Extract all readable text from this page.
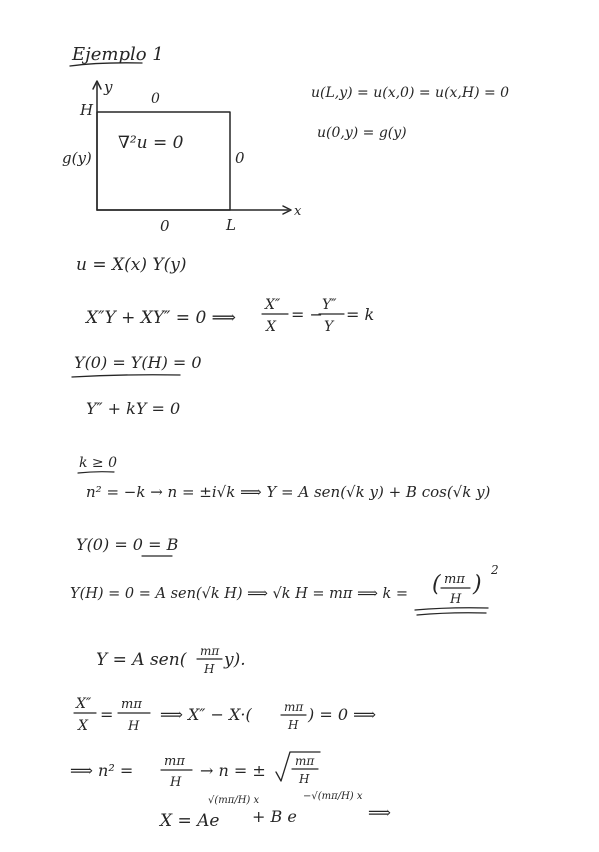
Ejemplo 1
y
x
H
L
g(y)
0
0
0
∇²u = 0
u(L,y) = u(x,0) = u(x,H) = 0
u(0,y) = g(y)
u = X(x) Y(y)
X″Y + XY″ = 0 ⟹
X″
X
= − Y″
Y
= k
Y(0) = Y(H) = 0
Y″ + kY = 0
k ≥ 0
n² = −k → n = ±i√k ⟹ Y = A sen(√k y) + B cos(√k y)
Y(0) = 0 = B
Y(H) = 0 = A sen(√k H) ⟹ √k H = mπ ⟹ k = ( mπ
H
)
2
Y = A sen( mπ
H y).
X″
X
=
mπ
H
⟹ X″ − X·(	mπ
H
) = 0 ⟹
⟹ n² = mπ
H
→ n = ± mπ
H
X = Ae
√(mπ/H) x
+ B e
−√(mπ/H) x
⟹
